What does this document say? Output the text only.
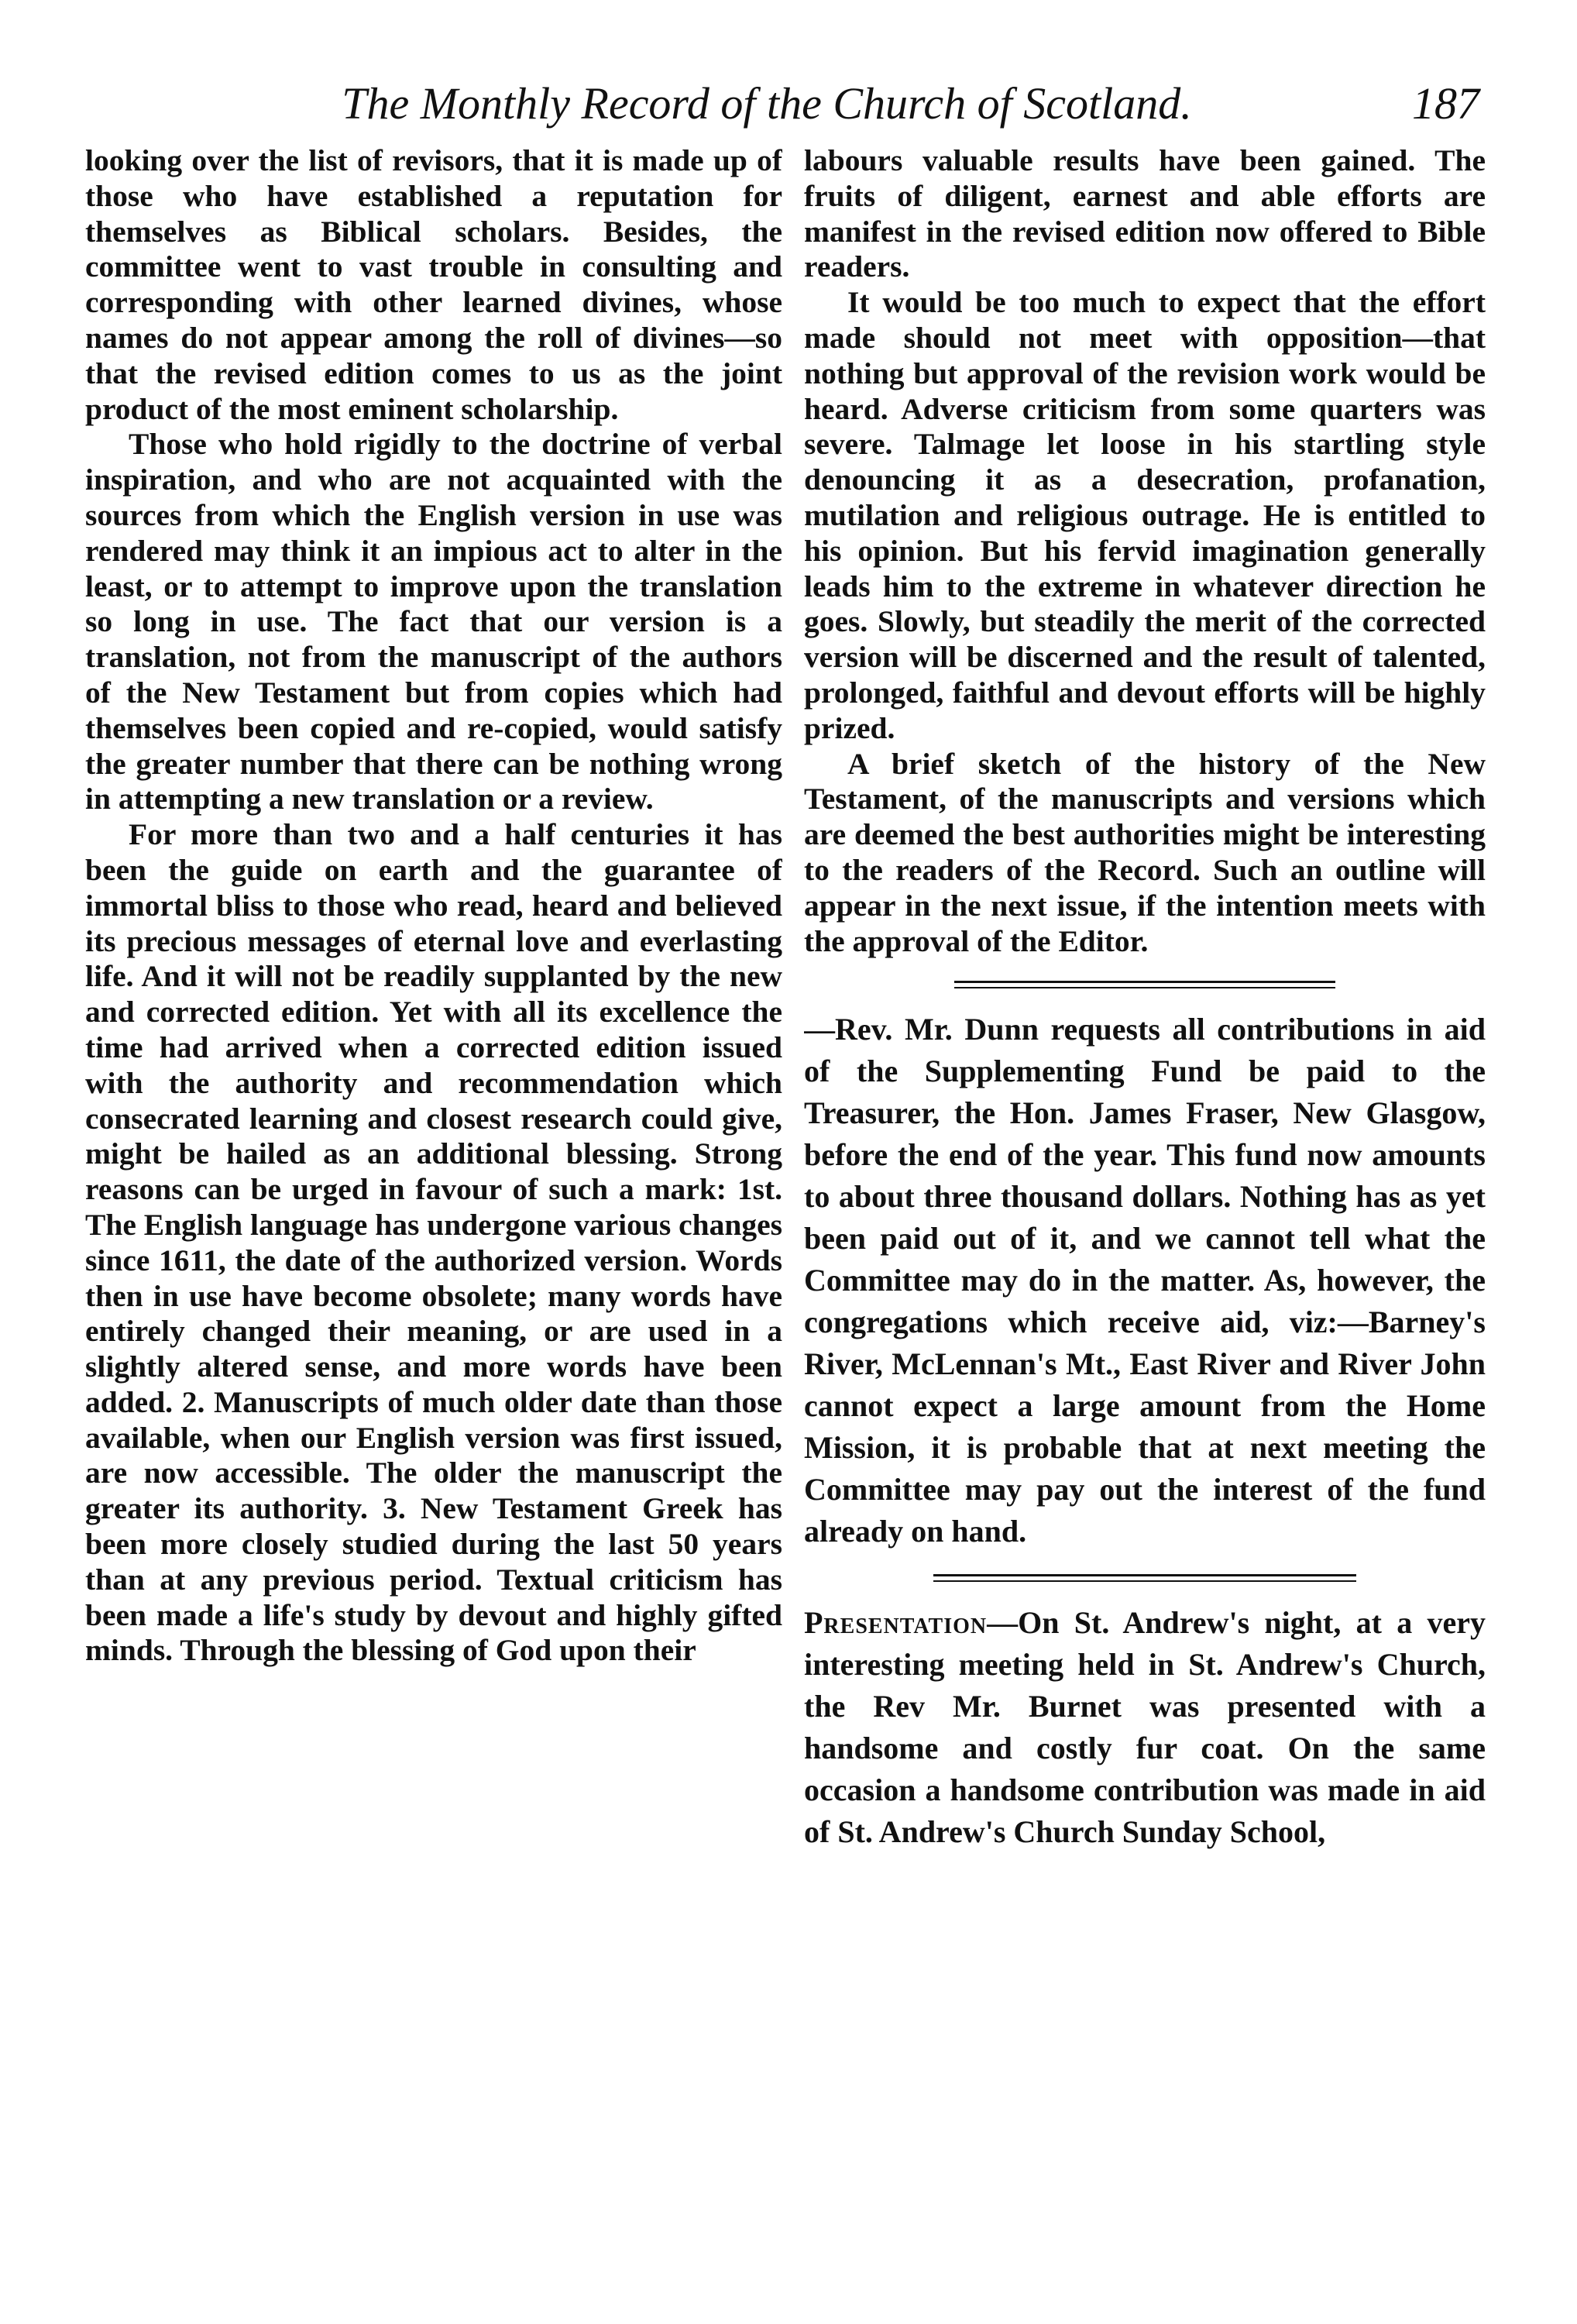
The Monthly Record of the Church of Scotland.	187

looking over the list of revisors, that it is made up of those who have established a reputation for themselves as Biblical scholars. Besides, the committee went to vast trouble in consulting and corresponding with other learned divines, whose names do not appear among the roll of divines—so that the revised edition comes to us as the joint product of the most eminent scholarship.

Those who hold rigidly to the doctrine of verbal inspiration, and who are not acquainted with the sources from which the English version in use was rendered may think it an impious act to alter in the least, or to attempt to improve upon the translation so long in use. The fact that our version is a translation, not from the manuscript of the authors of the New Testament but from copies which had themselves been copied and re-copied, would satisfy the greater number that there can be nothing wrong in attempting a new translation or a review.

For more than two and a half centuries it has been the guide on earth and the guarantee of immortal bliss to those who read, heard and believed its precious messages of eternal love and everlasting life. And it will not be readily supplanted by the new and corrected edition. Yet with all its excellence the time had arrived when a corrected edition issued with the authority and recommendation which consecrated learning and closest research could give, might be hailed as an additional blessing. Strong reasons can be urged in favour of such a mark: 1st. The English language has undergone various changes since 1611, the date of the authorized version. Words then in use have become obsolete; many words have entirely changed their meaning, or are used in a slightly altered sense, and more words have been added. 2. Manuscripts of much older date than those available, when our English version was first issued, are now accessible. The older the manuscript the greater its authority. 3. New Testament Greek has been more closely studied during the last 50 years than at any previous period. Textual criticism has been made a life's study by devout and highly gifted minds. Through the blessing of God upon their

labours valuable results have been gained. The fruits of diligent, earnest and able efforts are manifest in the revised edition now offered to Bible readers.

It would be too much to expect that the effort made should not meet with opposition—that nothing but approval of the revision work would be heard. Adverse criticism from some quarters was severe. Talmage let loose in his startling style denouncing it as a desecration, profanation, mutilation and religious outrage. He is entitled to his opinion. But his fervid imagination generally leads him to the extreme in whatever direction he goes. Slowly, but steadily the merit of the corrected version will be discerned and the result of talented, prolonged, faithful and devout efforts will be highly prized.

A brief sketch of the history of the New Testament, of the manuscripts and versions which are deemed the best authorities might be interesting to the readers of the Record. Such an outline will appear in the next issue, if the intention meets with the approval of the Editor.

—Rev. Mr. Dunn requests all contributions in aid of the Supplementing Fund be paid to the Treasurer, the Hon. James Fraser, New Glasgow, before the end of the year. This fund now amounts to about three thousand dollars. Nothing has as yet been paid out of it, and we cannot tell what the Committee may do in the matter. As, however, the congregations which receive aid, viz:—Barney's River, McLennan's Mt., East River and River John cannot expect a large amount from the Home Mission, it is probable that at next meeting the Committee may pay out the interest of the fund already on hand.

Presentation—On St. Andrew's night, at a very interesting meeting held in St. Andrew's Church, the Rev Mr. Burnet was presented with a handsome and costly fur coat. On the same occasion a handsome contribution was made in aid of St. Andrew's Church Sunday School,
